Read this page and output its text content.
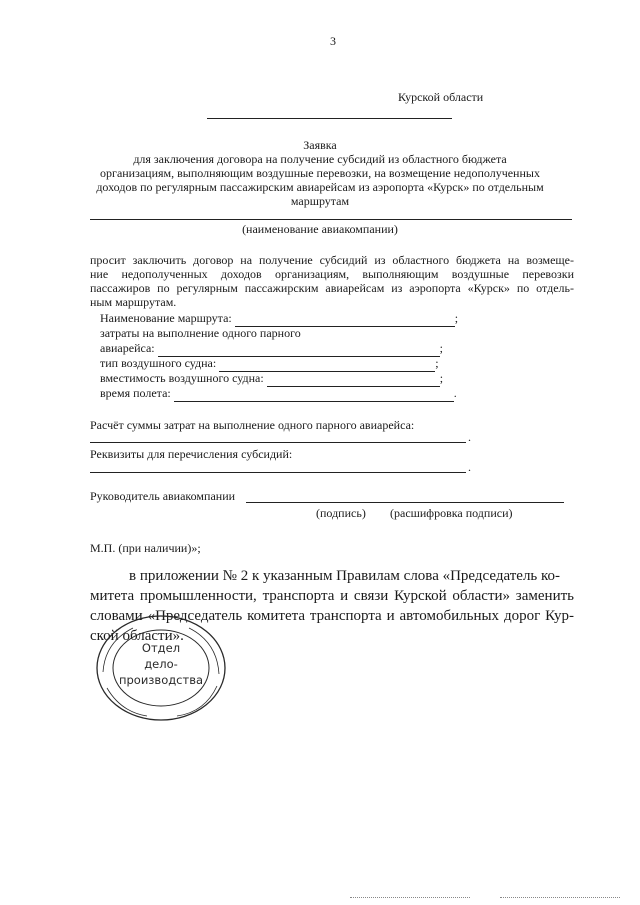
3
Курской области
Заявка
для заключения договора на получение субсидий из областного бюджета
организациям, выполняющим воздушные перевозки, на возмещение недополученных
доходов по регулярным пассажирским авиарейсам из аэропорта «Курск» по отдельным
маршрутам
(наименование авиакомпании)
просит заключить договор на получение субсидий из областного бюджета на возмеще-
ние недополученных доходов организациям, выполняющим воздушные перевозки
пассажиров по регулярным пассажирским авиарейсам из аэропорта «Курск» по отдель-
ным маршрутам.
Наименование маршрута:	;
затраты на выполнение одного парного
авиарейса:	;
тип воздушного судна:	;
вместимость воздушного судна:	;
время полета:	.
Расчёт суммы затрат на выполнение одного парного авиарейса:
.
Реквизиты для перечисления субсидий:
.
Руководитель авиакомпании
(подпись) (расшифровка подписи)
М.П. (при наличии)»;
в приложении № 2 к указанным Правилам слова «Председатель ко-
митета промышленности, транспорта и связи Курской области» заменить
словами «Председатель комитета транспорта и автомобильных дорог Кур-
ской области».
Отдел
дело-
производства
